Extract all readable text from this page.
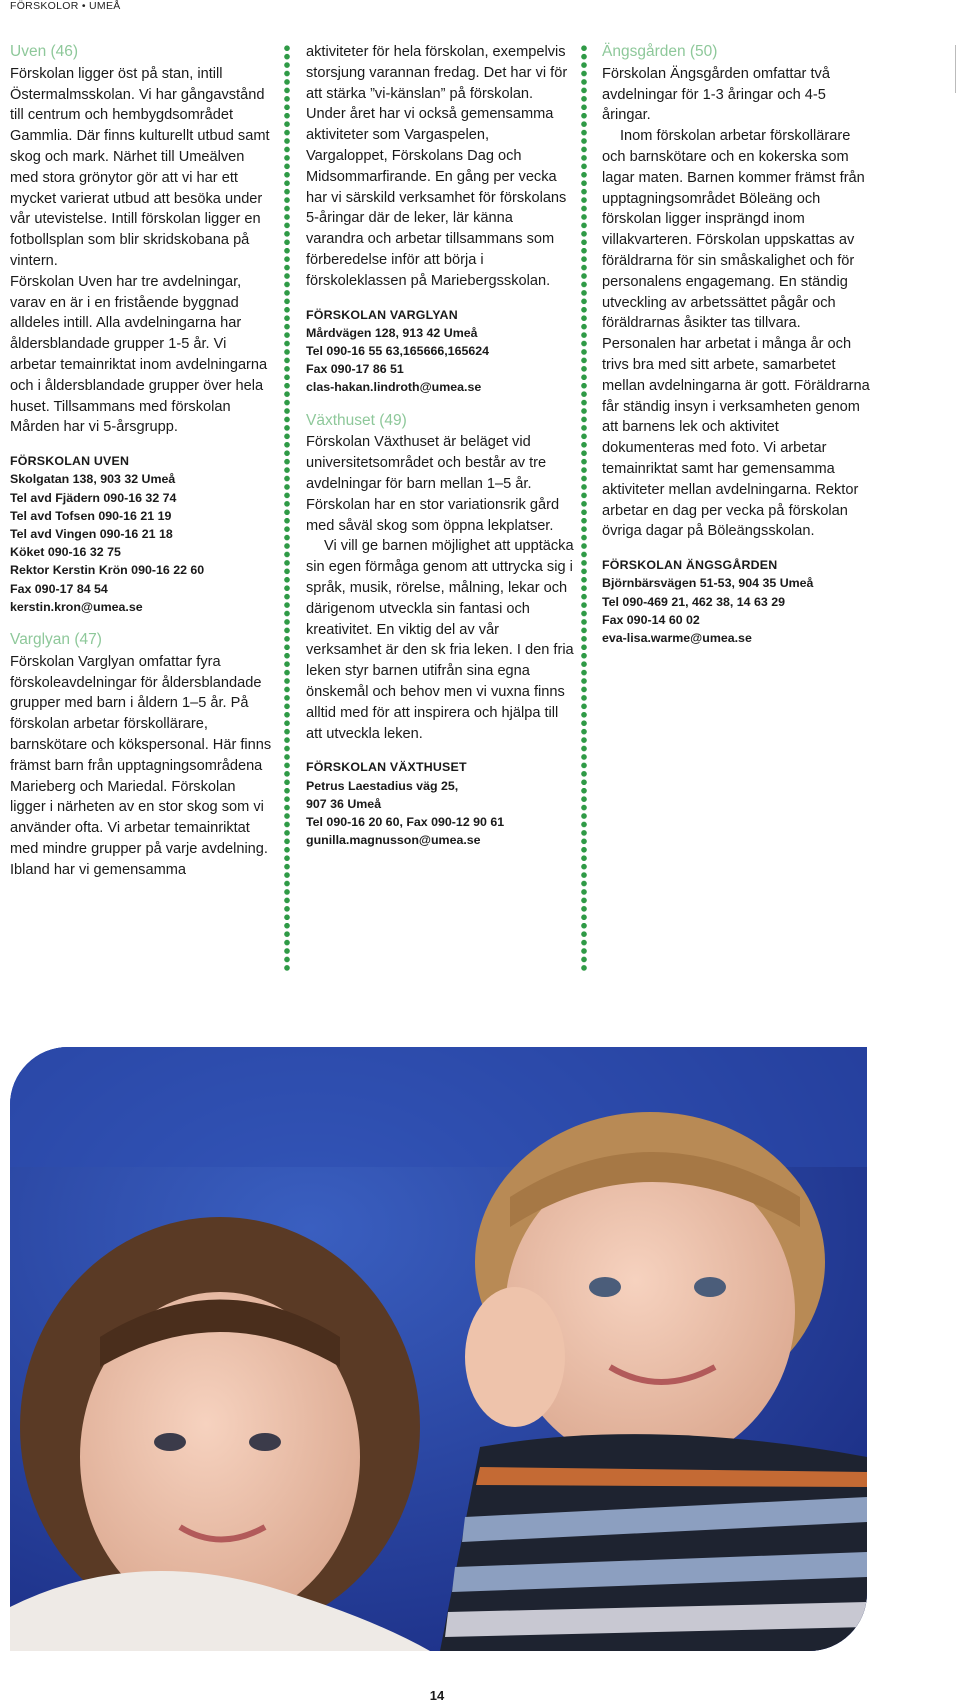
FÖRSKOLOR • UMEÅ
Uven (46)

Förskolan ligger öst på stan, intill Östermalmsskolan. Vi har gångavstånd till centrum och hembygdsområdet Gammlia. Där finns kulturellt utbud samt skog och mark. Närhet till Umeälven med stora grönytor gör att vi har ett mycket varierat utbud att besöka under vår utevistelse. Intill förskolan ligger en fotbollsplan som blir skridskobana på vintern.

Förskolan Uven har tre avdelningar, varav en är i en fristående byggnad alldeles intill. Alla avdelningarna har åldersblandade grupper 1-5 år. Vi arbetar temainriktat inom avdelningarna och i åldersblandade grupper över hela huset. Tillsammans med förskolan Mården har vi 5-årsgrupp.

FÖRSKOLAN UVEN
Skolgatan 138, 903 32 Umeå
Tel avd Fjädern 090-16 32 74
Tel avd Tofsen 090-16 21 19
Tel avd Vingen 090-16 21 18
Köket 090-16 32 75
Rektor Kerstin Krön 090-16 22 60
Fax 090-17 84 54
kerstin.kron@umea.se
Varglyan (47)

Förskolan Varglyan omfattar fyra förskoleavdelningar för åldersblandade grupper med barn i åldern 1–5 år. På förskolan arbetar förskollärare, barnskötare och kökspersonal. Här finns främst barn från upptagningsområdena Marieberg och Mariedal. Förskolan ligger i närheten av en stor skog som vi använder ofta. Vi arbetar temainriktat med mindre grupper på varje avdelning. Ibland har vi gemensamma

aktiviteter för hela förskolan, exempelvis storsjung varannan fredag. Det har vi för att stärka ”vi-känslan” på förskolan. Under året har vi också gemensamma aktiviteter som Vargaspelen, Vargaloppet, Förskolans Dag och Midsommarfirande. En gång per vecka har vi särskild verksamhet för förskolans 5-åringar där de leker, lär känna varandra och arbetar tillsammans som förberedelse inför att börja i förskoleklassen på Mariebergsskolan.

FÖRSKOLAN VARGLYAN
Mårdvägen 128, 913 42 Umeå
Tel 090-16 55 63,165666,165624
Fax 090-17 86 51
clas-hakan.lindroth@umea.se
Växthuset (49)

Förskolan Växthuset är beläget vid universitetsområdet och består av tre avdelningar för barn mellan 1–5 år. Förskolan har en stor variationsrik gård med såväl skog som öppna lekplatser.

Vi vill ge barnen möjlighet att upptäcka sin egen förmåga genom att uttrycka sig i språk, musik, rörelse, målning, lekar och därigenom utveckla sin fantasi och kreativitet. En viktig del av vår verksamhet är den sk fria leken. I den fria leken styr barnen utifrån sina egna önskemål och behov men vi vuxna finns alltid med för att inspirera och hjälpa till att utveckla leken.

FÖRSKOLAN VÄXTHUSET
Petrus Laestadius väg 25,
907 36 Umeå
Tel 090-16 20 60, Fax 090-12 90 61
gunilla.magnusson@umea.se
Ängsgården (50)

Förskolan Ängsgården omfattar två avdelningar för 1-3 åringar och 4-5 åringar.

Inom förskolan arbetar förskollärare och barnskötare och en kokerska som lagar maten. Barnen kommer främst från upptagningsområdet Böleäng och förskolan ligger insprängd inom villakvarteren. Förskolan uppskattas av föräldrarna för sin småskalighet och för personalens engagemang. En ständig utveckling av arbetssättet pågår och föräldrarnas åsikter tas tillvara. Personalen har arbetat i många år och trivs bra med sitt arbete, samarbetet mellan avdelningarna är gott. Föräldrarna får ständig insyn i verksamheten genom att barnens lek och aktivitet dokumenteras med foto. Vi arbetar temainriktat samt har gemensamma aktiviteter mellan avdelningarna. Rektor arbetar en dag per vecka på förskolan övriga dagar på Böleängsskolan.

FÖRSKOLAN ÄNGSGÅRDEN
Björnbärsvägen 51-53, 904 35 Umeå
Tel 090-469 21, 462 38, 14 63 29
Fax 090-14 60 02
eva-lisa.warme@umea.se
14
